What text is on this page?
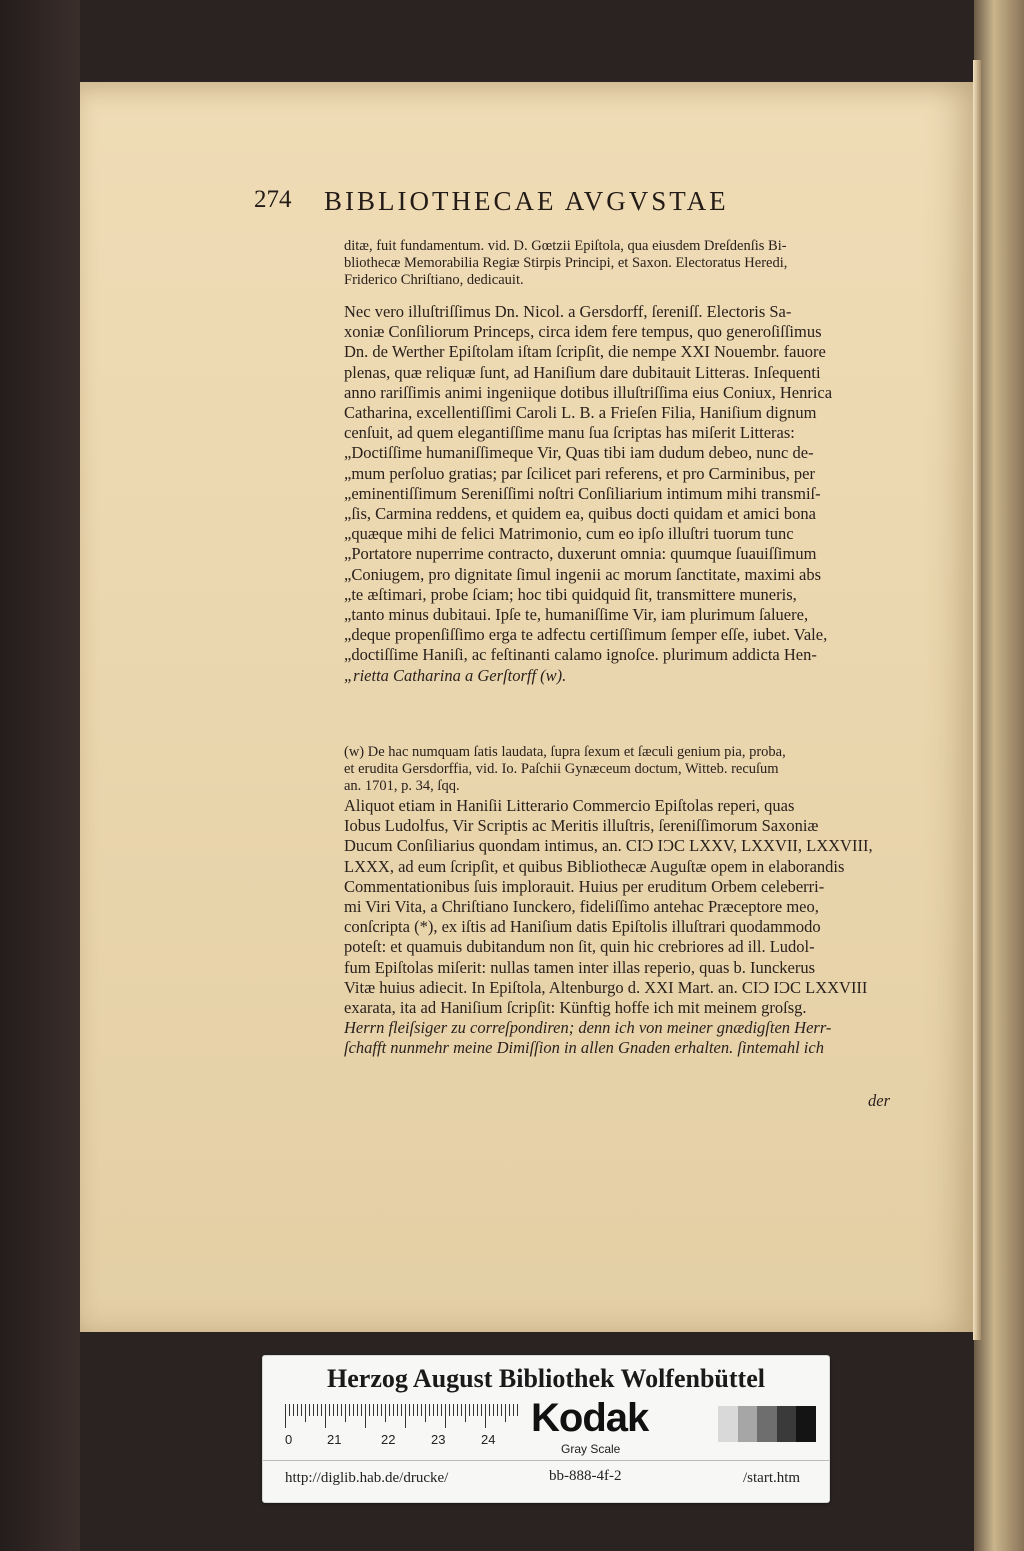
274 BIBLIOTHECAE AVGVSTAE
ditæ, fuit fundamentum. vid. D. Gœtzii Epiſtola, qua eiusdem Dreſdenſis Bi-
bliothecæ Memorabilia Regiæ Stirpis Principi, et Saxon. Electoratus Heredi,
Friderico Chriſtiano, dedicauit.
Nec vero illuſtriſſimus Dn. Nicol. a Gersdorff, ſereniſſ. Electoris Sa-
xoniæ Conſiliorum Princeps, circa idem fere tempus, quo generoſiſſimus
Dn. de Werther Epiſtolam iſtam ſcripſit, die nempe XXI Nouembr. fauore
plenas, quæ reliquæ ſunt, ad Haniſium dare dubitauit Litteras. Inſequenti
anno rariſſimis animi ingeniique dotibus illuſtriſſima eius Coniux, Henrica
Catharina, excellentiſſimi Caroli L. B. a Frieſen Filia, Haniſium dignum
cenſuit, ad quem elegantiſſime manu ſua ſcriptas has miſerit Litteras:
„Doctiſſime humaniſſimeque Vir, Quas tibi iam dudum debeo, nunc de-
„mum perſoluo gratias; par ſcilicet pari referens, et pro Carminibus, per
„eminentiſſimum Sereniſſimi noſtri Conſiliarium intimum mihi transmiſ-
„ſis, Carmina reddens, et quidem ea, quibus docti quidam et amici bona
„quæque mihi de felici Matrimonio, cum eo ipſo illuſtri tuorum tunc
„Portatore nuperrime contracto, duxerunt omnia: quumque ſuauiſſimum
„Coniugem, pro dignitate ſimul ingenii ac morum ſanctitate, maximi abs
„te æſtimari, probe ſciam; hoc tibi quidquid ſit, transmittere muneris,
„tanto minus dubitaui. Ipſe te, humaniſſime Vir, iam plurimum ſaluere,
„deque propenſiſſimo erga te adfectu certiſſimum ſemper eſſe, iubet. Vale,
„doctiſſime Haniſi, ac feſtinanti calamo ignoſce. plurimum addicta Hen-
„rietta Catharina a Gerſtorff (w).
(w) De hac numquam ſatis laudata, ſupra ſexum et ſæculi genium pia, proba,
et erudita Gersdorffia, vid. Io. Paſchii Gynæceum doctum, Witteb. recuſum
an. 1701, p. 34, ſqq.
Aliquot etiam in Haniſii Litterario Commercio Epiſtolas reperi, quas
Iobus Ludolfus, Vir Scriptis ac Meritis illuſtris, ſereniſſimorum Saxoniæ
Ducum Conſiliarius quondam intimus, an. CIƆ IƆC LXXV, LXXVII, LXXVIII,
LXXX, ad eum ſcripſit, et quibus Bibliothecæ Auguſtæ opem in elaborandis
Commentationibus ſuis implorauit. Huius per eruditum Orbem celeberri-
mi Viri Vita, a Chriſtiano Iunckero, fideliſſimo antehac Præceptore meo,
conſcripta (*), ex iſtis ad Haniſium datis Epiſtolis illuſtrari quodammodo
poteſt: et quamuis dubitandum non ſit, quin hic crebriores ad ill. Ludol-
fum Epiſtolas miſerit: nullas tamen inter illas reperio, quas b. Iunckerus
Vitæ huius adiecit. In Epiſtola, Altenburgo d. XXI Mart. an. CIƆ IƆC LXXVIII
exarata, ita ad Haniſium ſcripſit: Künftig hoffe ich mit meinem groſsg.
Herrn fleiſsiger zu correſpondiren; denn ich von meiner gnædigſten Herr-
ſchafft nunmehr meine Dimiſſion in allen Gnaden erhalten. ſintemahl ich
der
Herzog August Bibliothek Wolfenbüttel
0	21	22	23	24 Kodak
Gray Scale
http://diglib.hab.de/drucke/	bb-888-4f-2	/start.htm
